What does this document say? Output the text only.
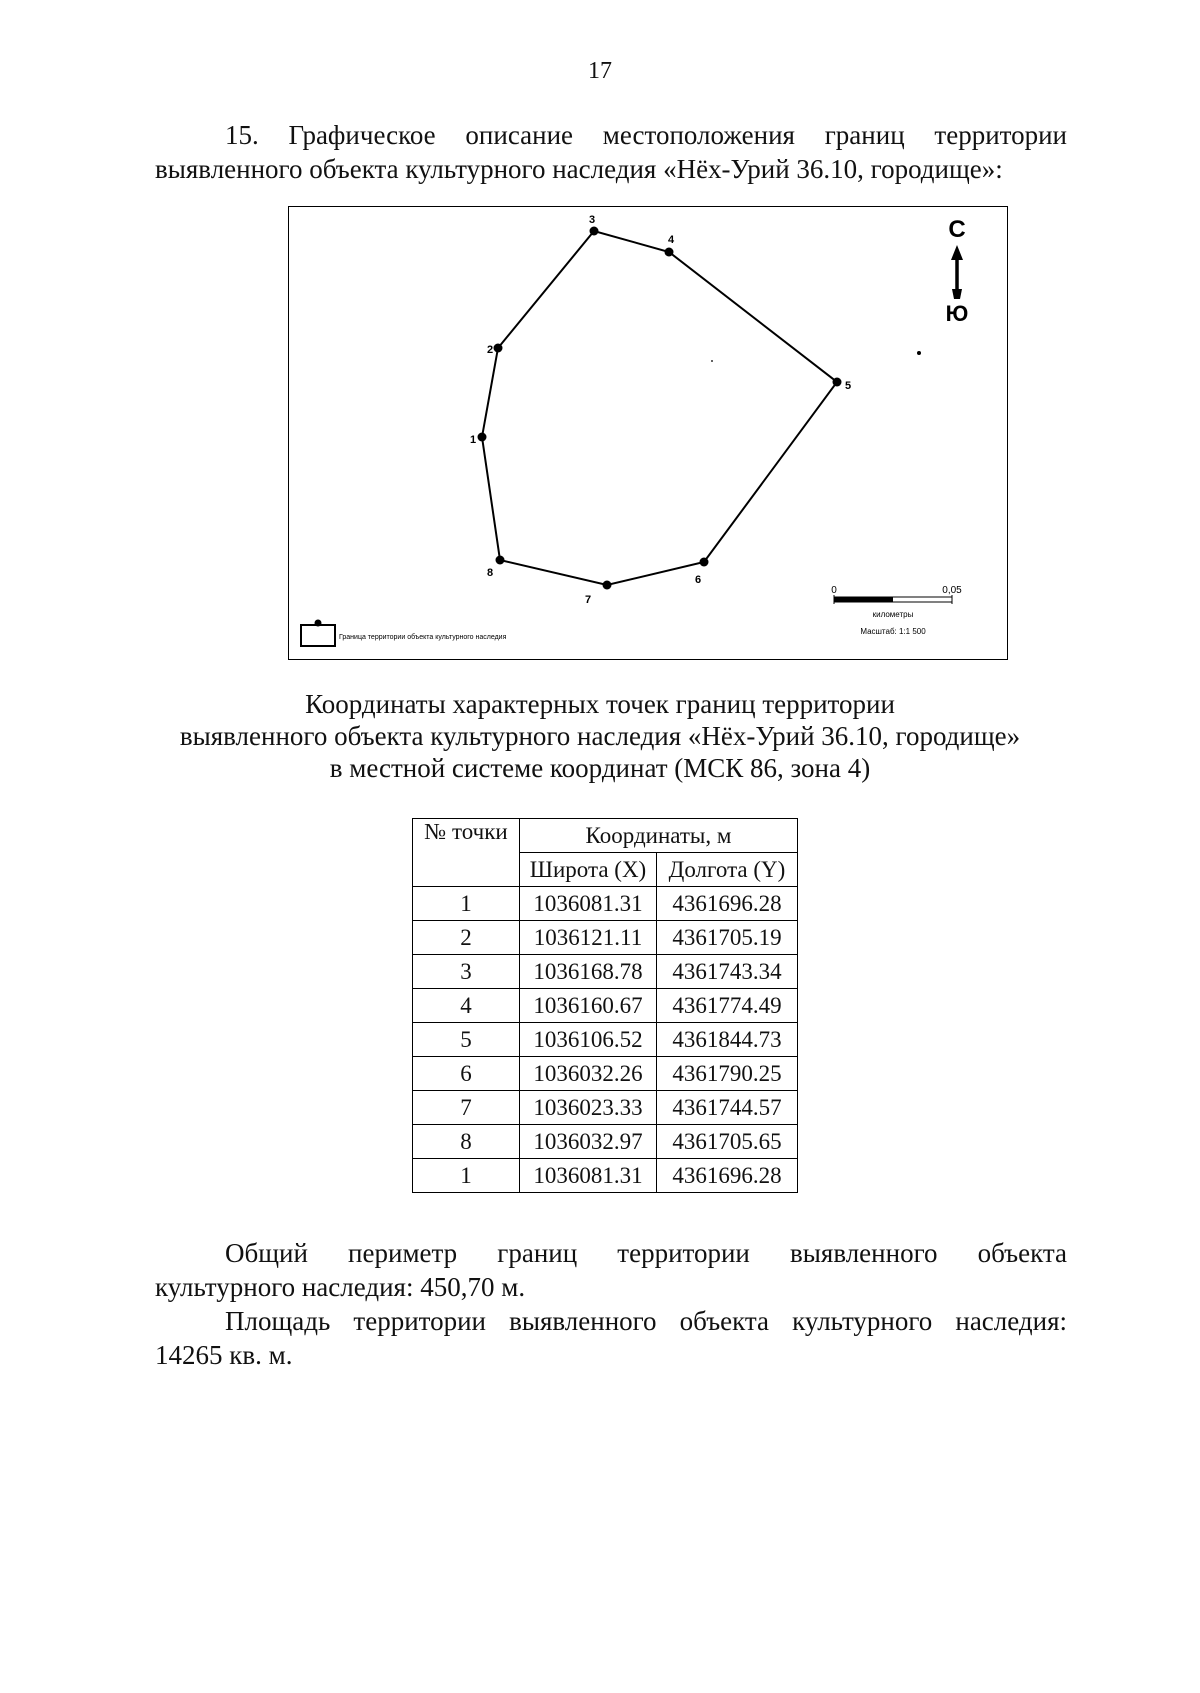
17
15. Графическое описание местоположения границ территории
выявленного объекта культурного наследия «Нёх-Урий 36.10, городище»:
1
2
3
4
5
6
7
8
С
Ю
0	0,05
километры
Масштаб: 1:1 500
Граница территории объекта культурного наследия
Координаты характерных точек границ территории
выявленного объекта культурного наследия «Нёх-Урий 36.10, городище»
в местной системе координат (МСК 86, зона 4)
№ точки	Координаты, м	
	Широта (X)	Долгота (Y)
1	1036081.31	4361696.28
2	1036121.11	4361705.19
3	1036168.78	4361743.34
4	1036160.67	4361774.49
5	1036106.52	4361844.73
6	1036032.26	4361790.25
7	1036023.33	4361744.57
8	1036032.97	4361705.65
1	1036081.31	4361696.28

Общий периметр границ территории выявленного объекта
культурного наследия: 450,70 м.

Площадь территории выявленного объекта культурного наследия:
14265 кв. м.
